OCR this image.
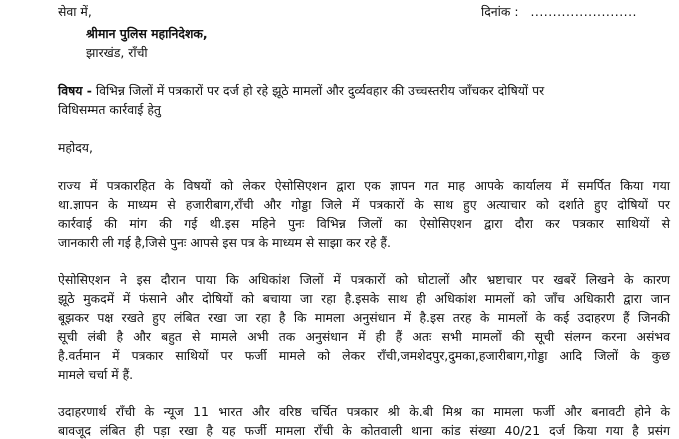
सेवा में,	दिनांक : ........................
श्रीमान पुलिस महानिदेशक,
झारखंड, राँची
विषय - विभिन्न जिलों में पत्रकारों पर दर्ज हो रहे झूठे मामलों और दुर्व्यवहार की उच्चस्तरीय जाँचकर दोषियों पर
विधिसम्मत कार्रवाई हेतु
महोदय,
राज्य में पत्रकारहित के विषयों को लेकर ऐसोसिएशन द्वारा एक ज्ञापन गत माह आपके कार्यालय में समर्पित किया गया
था.ज्ञापन के माध्यम से हजारीबाग,राँची और गोड्डा जिले में पत्रकारों के साथ हुए अत्याचार को दर्शाते हुए दोषियों पर
कार्रवाई की मांग की गई थी.इस महिने पुनः विभिन्न जिलों का ऐसोसिएशन द्वारा दौरा कर पत्रकार साथियों से
जानकारी ली गई है,जिसे पुनः आपसे इस पत्र के माध्यम से साझा कर रहे हैं.
ऐसोसिएशन ने इस दौरान पाया कि अधिकांश जिलों में पत्रकारों को घोटालों और भ्रष्टाचार पर खबरें लिखने के कारण
झूठे मुकदमें में फंसाने और दोषियों को बचाया जा रहा है.इसके साथ ही अधिकांश मामलों को जाँच अधिकारी द्वारा जान
बूझकर पक्ष रखते हुए लंबित रखा जा रहा है कि मामला अनुसंधान में है.इस तरह के मामलों के कई उदाहरण हैं जिनकी
सूची लंबी है और बहुत से मामले अभी तक अनुसंधान में ही हैं अतः सभी मामलों की सूची संलग्न करना असंभव
है.वर्तमान में पत्रकार साथियों पर फर्जी मामले को लेकर राँची,जमशेदपुर,दुमका,हजारीबाग,गोड्डा आदि जिलों के कुछ
मामले चर्चा में हैं.
उदाहरणार्थ राँची के न्यूज 11 भारत और वरिष्ठ चर्चित पत्रकार श्री के.बी मिश्र का मामला फर्जी और बनावटी होने के
बावजूद लंबित ही पड़ा रखा है यह फर्जी मामला राँची के कोतवाली थाना कांड संख्या 40/21 दर्ज किया गया है प्रसंग
